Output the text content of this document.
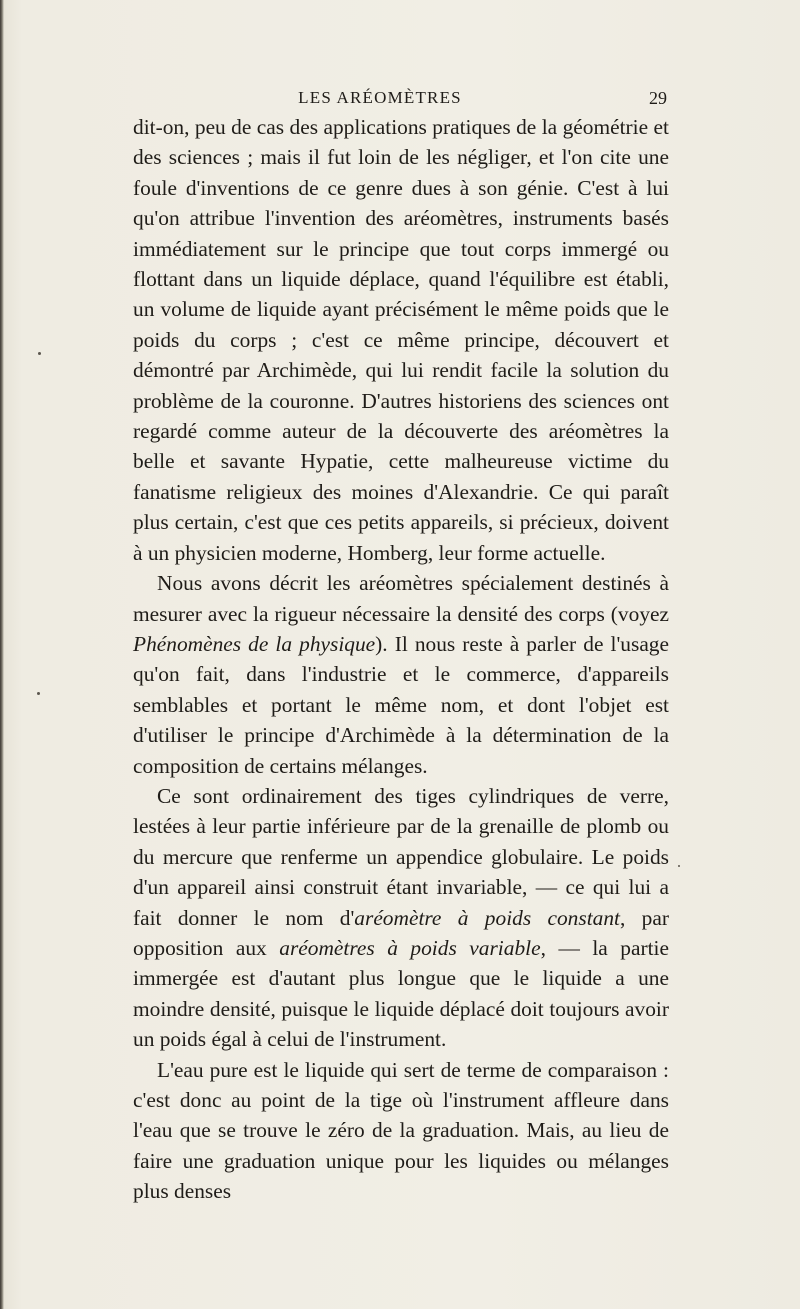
LES ARÉOMÈTRES	29

dit-on, peu de cas des applications pratiques de la géométrie et des sciences ; mais il fut loin de les négliger, et l'on cite une foule d'inventions de ce genre dues à son génie. C'est à lui qu'on attribue l'invention des aréomètres, instruments basés immédiatement sur le principe que tout corps immergé ou flottant dans un liquide déplace, quand l'équilibre est établi, un volume de liquide ayant précisément le même poids que le poids du corps ; c'est ce même principe, découvert et démontré par Archimède, qui lui rendit facile la solution du problème de la couronne. D'autres historiens des sciences ont regardé comme auteur de la découverte des aréomètres la belle et savante Hypatie, cette malheureuse victime du fanatisme religieux des moines d'Alexandrie. Ce qui paraît plus certain, c'est que ces petits appareils, si précieux, doivent à un physicien moderne, Homberg, leur forme actuelle.

Nous avons décrit les aréomètres spécialement destinés à mesurer avec la rigueur nécessaire la densité des corps (voyez Phénomènes de la physique). Il nous reste à parler de l'usage qu'on fait, dans l'industrie et le commerce, d'appareils semblables et portant le même nom, et dont l'objet est d'utiliser le principe d'Archimède à la détermination de la composition de certains mélanges.

Ce sont ordinairement des tiges cylindriques de verre, lestées à leur partie inférieure par de la grenaille de plomb ou du mercure que renferme un appendice globulaire. Le poids d'un appareil ainsi construit étant invariable, — ce qui lui a fait donner le nom d'aréomètre à poids constant, par opposition aux aréomètres à poids variable, — la partie immergée est d'autant plus longue que le liquide a une moindre densité, puisque le liquide déplacé doit toujours avoir un poids égal à celui de l'instrument.

L'eau pure est le liquide qui sert de terme de comparaison : c'est donc au point de la tige où l'instrument affleure dans l'eau que se trouve le zéro de la graduation. Mais, au lieu de faire une graduation unique pour les liquides ou mélanges plus denses
